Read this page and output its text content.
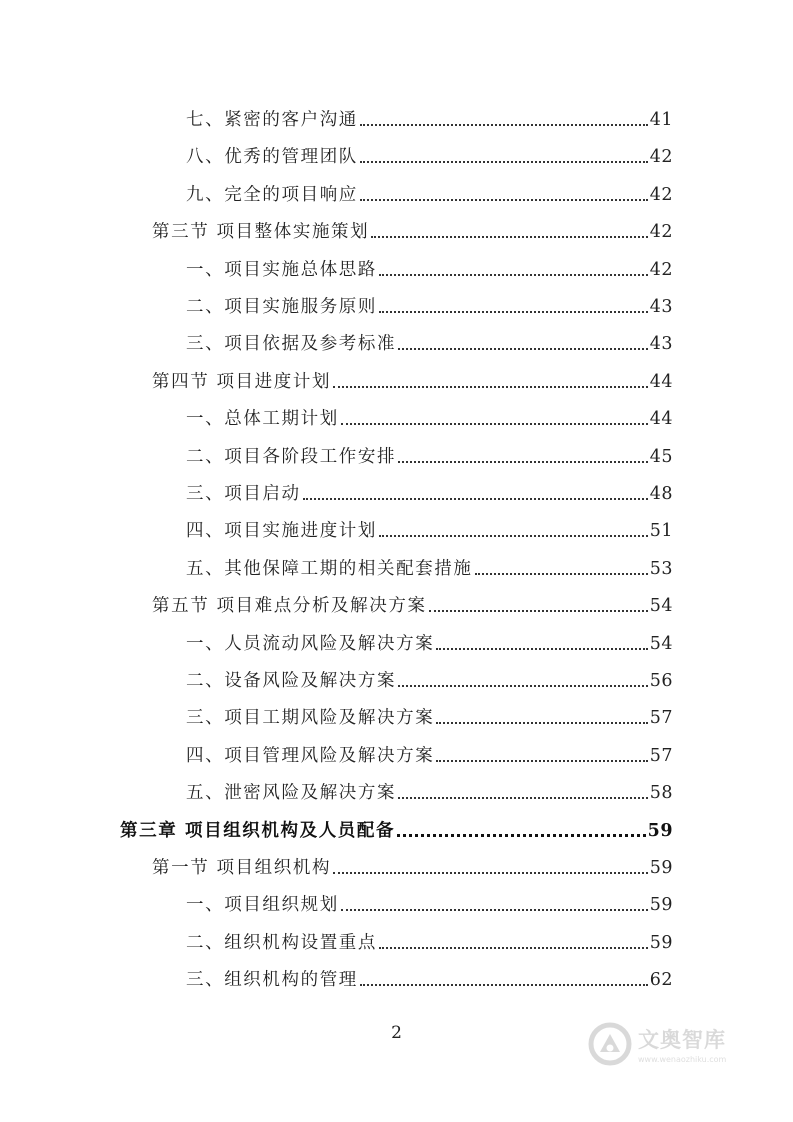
七、紧密的客户沟通	41
八、优秀的管理团队	42
九、完全的项目响应	42
第三节 项目整体实施策划	42
一、项目实施总体思路	42
二、项目实施服务原则	43
三、项目依据及参考标准	43
第四节 项目进度计划	44
一、总体工期计划	44
二、项目各阶段工作安排	45
三、项目启动	48
四、项目实施进度计划	51
五、其他保障工期的相关配套措施	53
第五节 项目难点分析及解决方案	54
一、人员流动风险及解决方案	54
二、设备风险及解决方案	56
三、项目工期风险及解决方案	57
四、项目管理风险及解决方案	57
五、泄密风险及解决方案	58
第三章 项目组织机构及人员配备	59
第一节 项目组织机构	59
一、项目组织规划	59
二、组织机构设置重点	59
三、组织机构的管理	62
2	文奥智库
www.wenaozhiku.com
